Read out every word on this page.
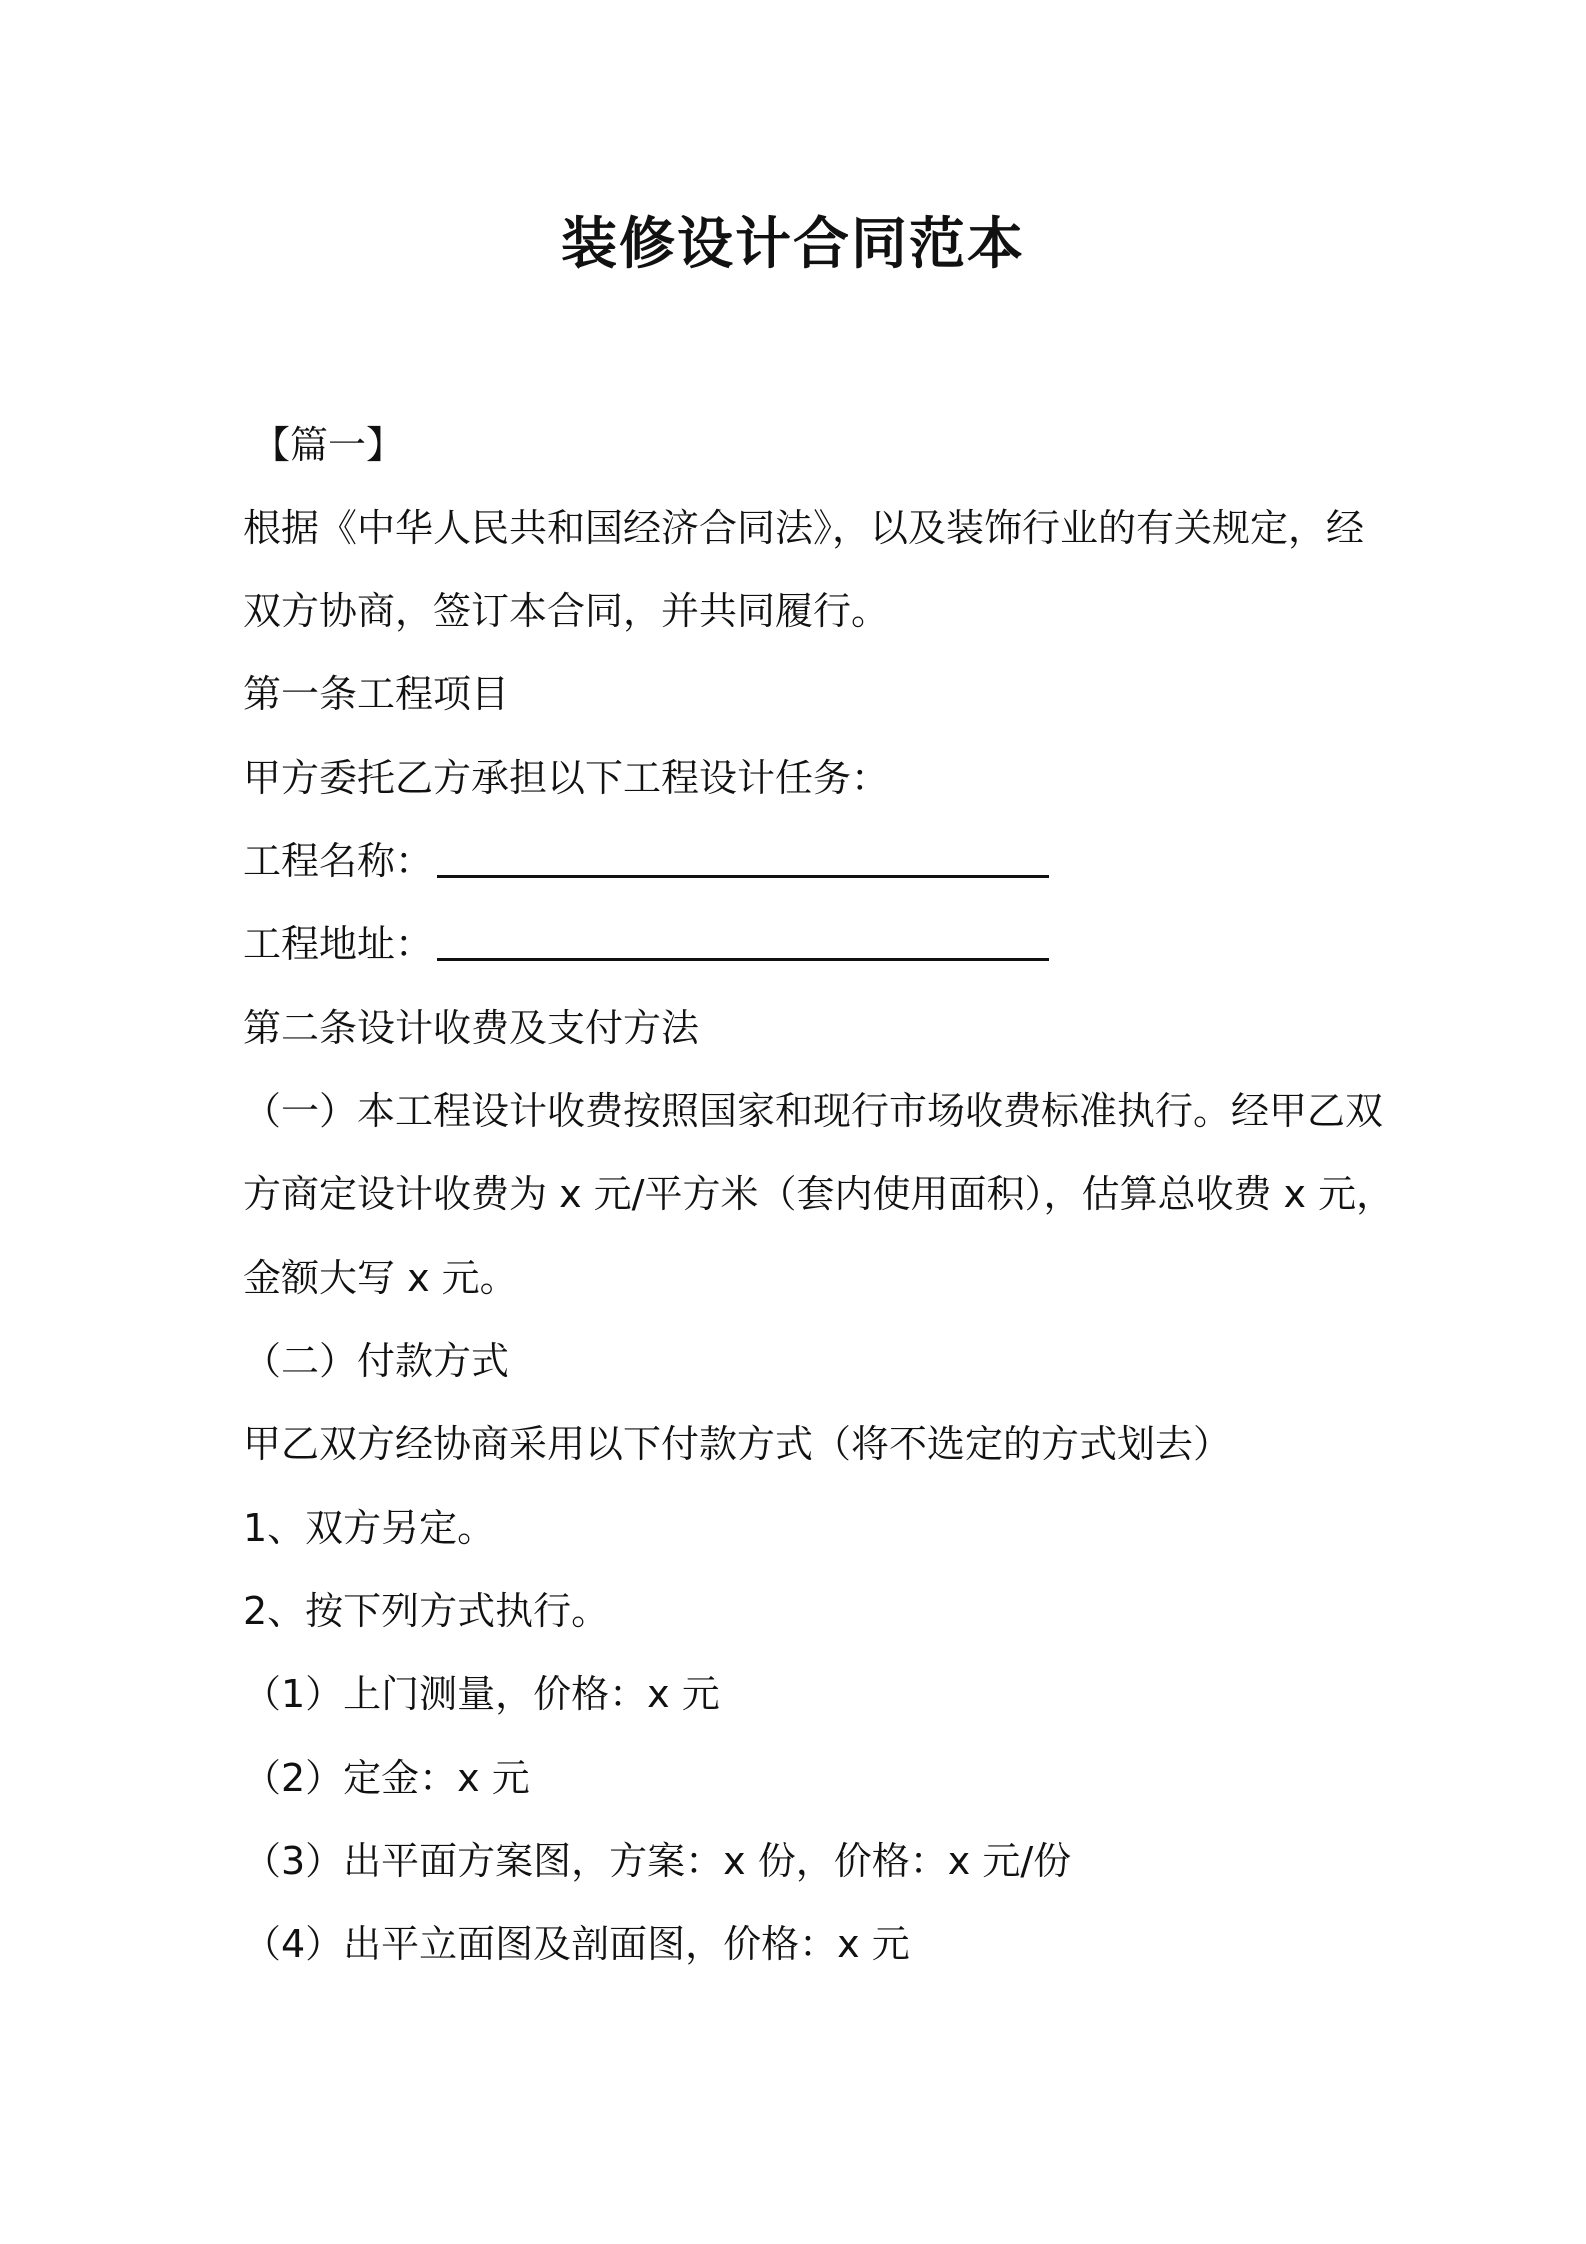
装修设计合同范本
【篇一】
根据《中华人民共和国经济合同法》，以及装饰行业的有关规定，经
双方协商，签订本合同，并共同履行。
第一条工程项目
甲方委托乙方承担以下工程设计任务：
工程名称：
工程地址：
第二条设计收费及支付方法
（一）本工程设计收费按照国家和现行市场收费标准执行。经甲乙双
方商定设计收费为 x 元/平方米（套内使用面积），估算总收费 x 元，
金额大写 x 元。
（二）付款方式
甲乙双方经协商采用以下付款方式（将不选定的方式划去）
1、双方另定。
2、按下列方式执行。
（1）上门测量，价格：x 元
（2）定金：x 元
（3）出平面方案图，方案：x 份，价格：x 元/份
（4）出平立面图及剖面图，价格：x 元
